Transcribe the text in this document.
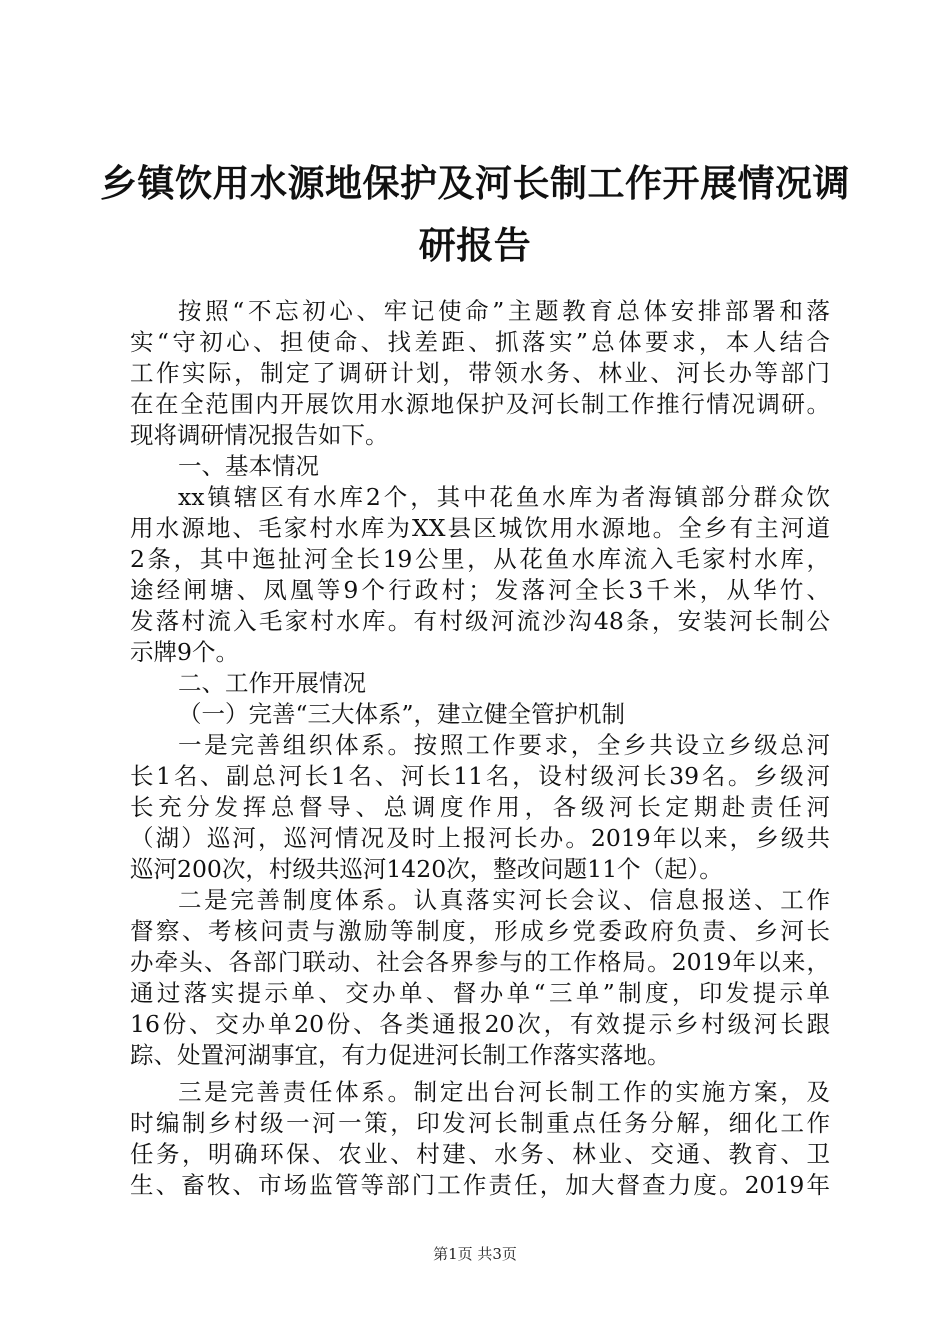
乡镇饮用水源地保护及河长制工作开展情况调
研报告
按照“不忘初心、牢记使命”主题教育总体安排部署和落
实“守初心、担使命、找差距、抓落实”总体要求，本人结合
工作实际，制定了调研计划，带领水务、林业、河长办等部门
在在全范围内开展饮用水源地保护及河长制工作推行情况调研。
现将调研情况报告如下。
一、基本情况
xx镇辖区有水库2个，其中花鱼水库为者海镇部分群众饮
用水源地、毛家村水库为XX县区城饮用水源地。全乡有主河道
2条，其中迤扯河全长19公里，从花鱼水库流入毛家村水库，
途经闸塘、凤凰等9个行政村；发落河全长3千米，从华竹、
发落村流入毛家村水库。有村级河流沙沟48条，安装河长制公
示牌9个。
二、工作开展情况
（一）完善“三大体系”，建立健全管护机制
一是完善组织体系。按照工作要求，全乡共设立乡级总河
长1名、副总河长1名、河长11名，设村级河长39名。乡级河
长充分发挥总督导、总调度作用，各级河长定期赴责任河
（湖）巡河，巡河情况及时上报河长办。2019年以来，乡级共
巡河200次，村级共巡河1420次，整改问题11个（起）。
二是完善制度体系。认真落实河长会议、信息报送、工作
督察、考核问责与激励等制度，形成乡党委政府负责、乡河长
办牵头、各部门联动、社会各界参与的工作格局。2019年以来，
通过落实提示单、交办单、督办单“三单”制度，印发提示单
16份、交办单20份、各类通报20次，有效提示乡村级河长跟
踪、处置河湖事宜，有力促进河长制工作落实落地。
三是完善责任体系。制定出台河长制工作的实施方案，及
时编制乡村级一河一策，印发河长制重点任务分解，细化工作
任务，明确环保、农业、村建、水务、林业、交通、教育、卫
生、畜牧、市场监管等部门工作责任，加大督查力度。2019年
第1页 共3页
